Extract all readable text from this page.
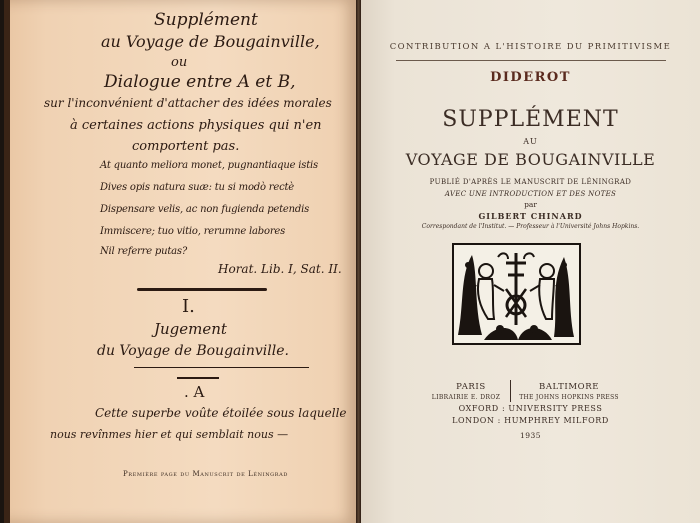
Supplément
au Voyage de Bougainville,
ou
Dialogue entre A et B,
sur l'inconvénient d'attacher des idées morales
à certaines actions physiques qui n'en
comportent pas.
At quanto meliora monet, pugnantiaque istis
Dives opis natura suæ: tu si modò rectè
Dispensare velis, ac non fugienda petendis
Immiscere; tuo vitio, rerumne labores
Nil referre putas?
Horat. Lib. I, Sat. II.
I.
Jugement
du Voyage de Bougainville.
. A
Cette superbe voûte étoilée sous laquelle
nous revînmes hier et qui semblait nous —
Première page du Manuscrit de Léningrad
CONTRIBUTION A L'HISTOIRE DU PRIMITIVISME
DIDEROT
SUPPLÉMENT
AU
VOYAGE DE BOUGAINVILLE
PUBLIÉ D'APRÈS LE MANUSCRIT DE LÉNINGRAD
AVEC UNE INTRODUCTION ET DES NOTES
par
GILBERT CHINARD
Correspondant de l'Institut. — Professeur à l'Université Johns Hopkins.
PARIS
LIBRAIRIE E. DROZ
BALTIMORE
THE JOHNS HOPKINS PRESS
OXFORD : UNIVERSITY PRESS
LONDON : HUMPHREY MILFORD
1935
